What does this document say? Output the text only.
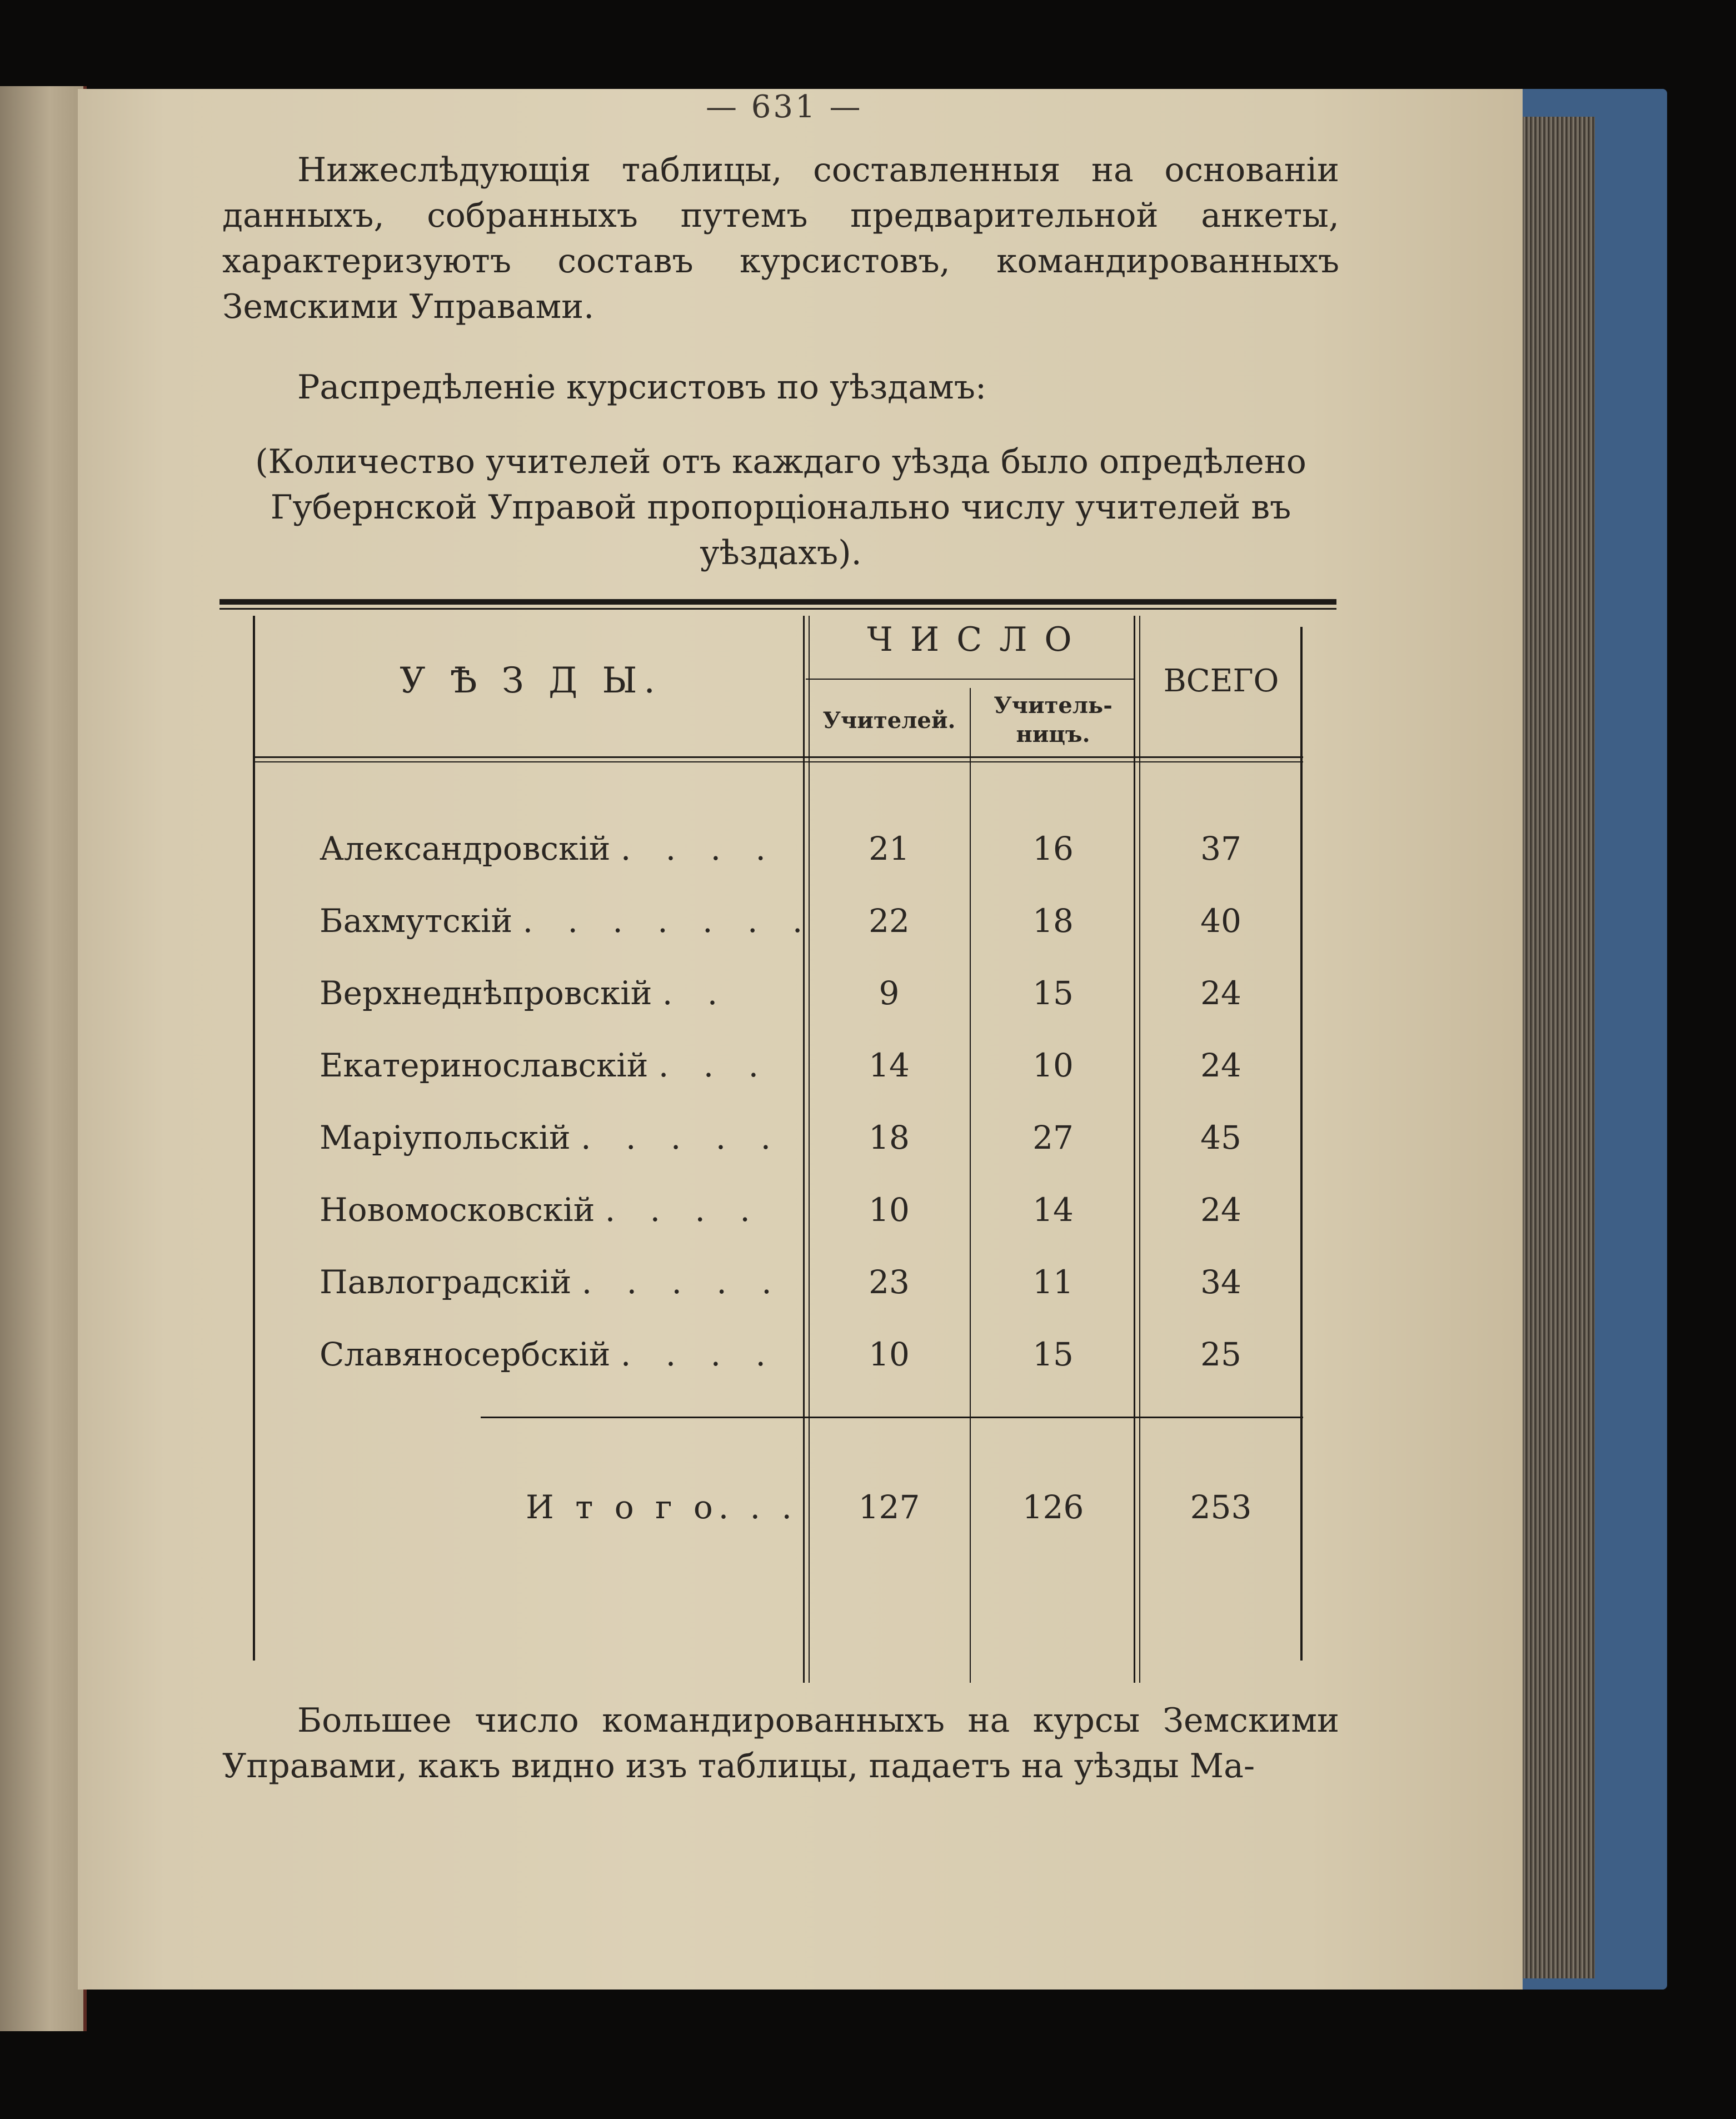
— 631 —

Нижеслѣдующія таблицы, составленныя на основаніи данныхъ, собранныхъ путемъ предварительной анкеты, характеризуютъ составъ курсистовъ, командированныхъ Земскими Управами.

Распредѣленіе курсистовъ по уѣздамъ:

(Количество учителей отъ каждаго уѣзда было опредѣлено Губернской Управой пропорціонально числу учителей въ уѣздахъ).

У Ѣ З Д Ы.
Ч И С Л О
Учителей.
Учитель-
ницъ.
ВСЕГО
Александровскій . . . .	21	16	37
Бахмутскій . . . . . . .	22	18	40
Верхнеднѣпровскій . .	9	15	24
Екатеринославскій . . .	14	10	24
Маріупольскій . . . . .	18	27	45
Новомосковскій . . . .	10	14	24
Павлоградскій . . . . .	23	11	34
Славяносербскій . . . .	10	15	25
И т о г о. . .	127	126	253

Большее число командированныхъ на курсы Земскими Управами, какъ видно изъ таблицы, падаетъ на уѣзды Ма-
